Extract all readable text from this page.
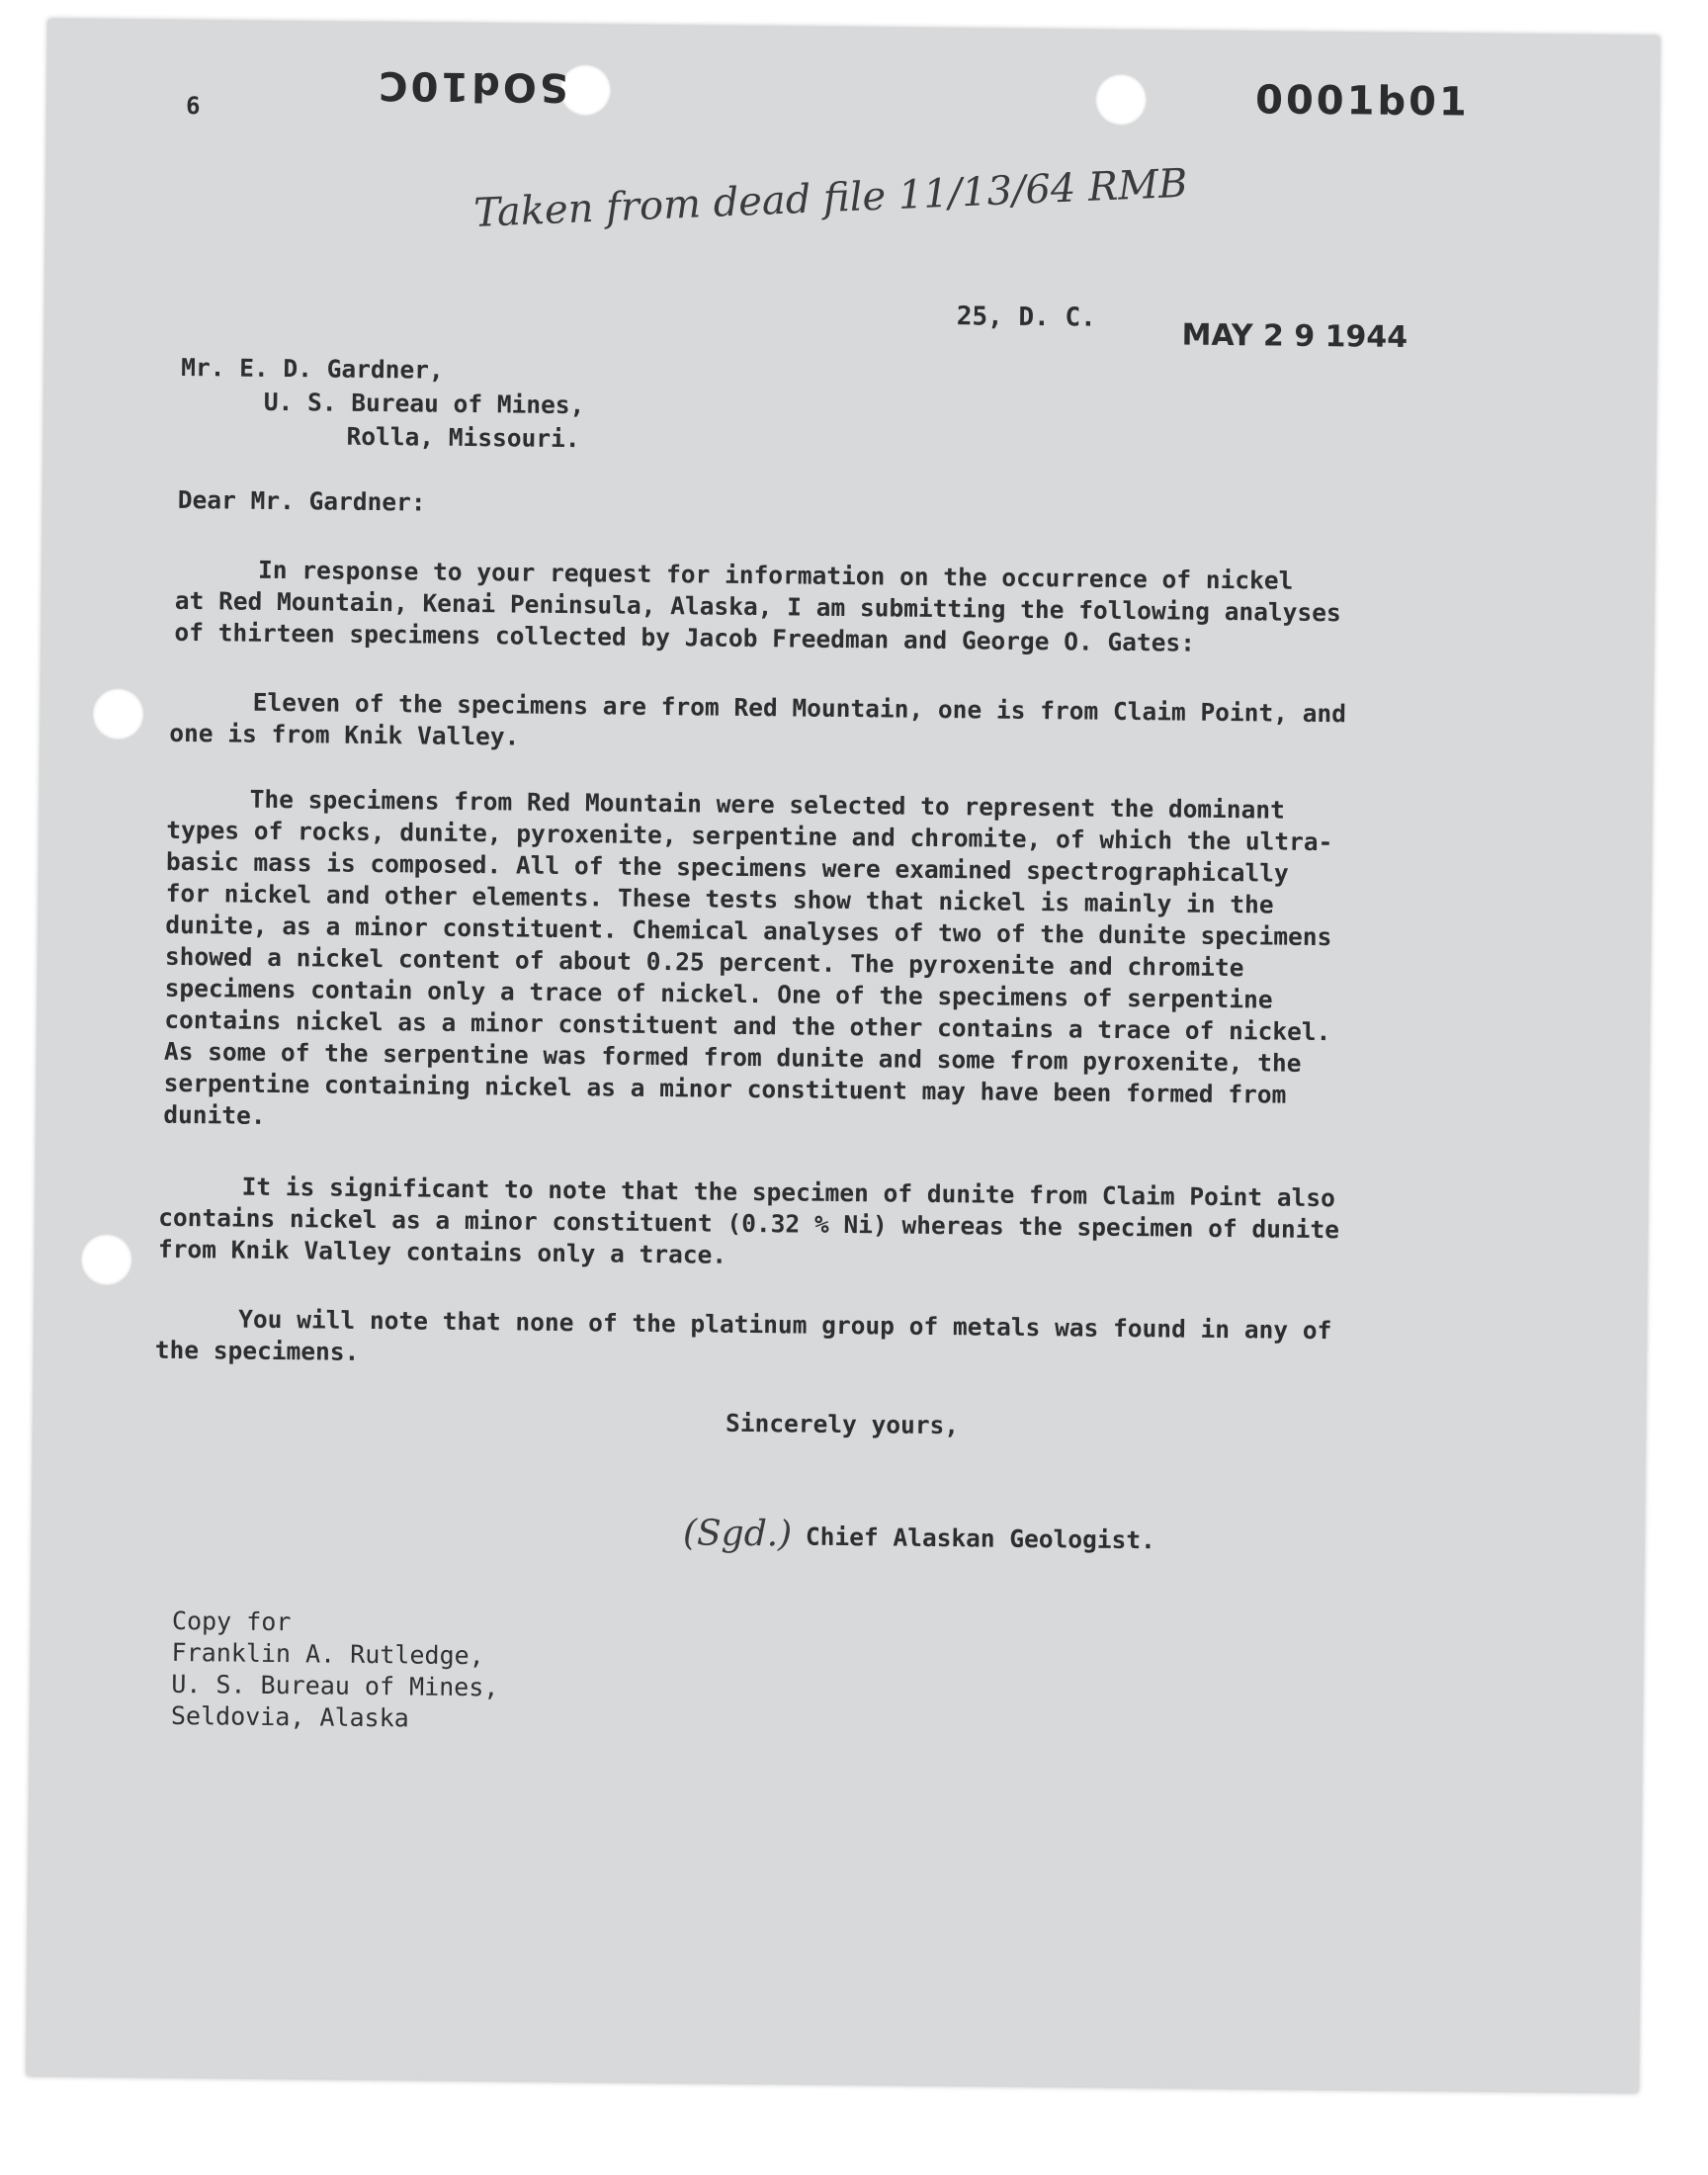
6	SOd10C	0001b01
Taken from dead file 11/13/64 RMB
25, D. C.
MAY 2 9 1944
Mr. E. D. Gardner,
U. S. Bureau of Mines,
Rolla, Missouri.
Dear Mr. Gardner:
In response to your request for information on the occurrence of nickel
at Red Mountain, Kenai Peninsula, Alaska, I am submitting the following analyses
of thirteen specimens collected by Jacob Freedman and George O. Gates:
Eleven of the specimens are from Red Mountain, one is from Claim Point, and
one is from Knik Valley.
The specimens from Red Mountain were selected to represent the dominant
types of rocks, dunite, pyroxenite, serpentine and chromite, of which the ultra-
basic mass is composed. All of the specimens were examined spectrographically
for nickel and other elements. These tests show that nickel is mainly in the
dunite, as a minor constituent. Chemical analyses of two of the dunite specimens
showed a nickel content of about 0.25 percent. The pyroxenite and chromite
specimens contain only a trace of nickel. One of the specimens of serpentine
contains nickel as a minor constituent and the other contains a trace of nickel.
As some of the serpentine was formed from dunite and some from pyroxenite, the
serpentine containing nickel as a minor constituent may have been formed from
dunite.
It is significant to note that the specimen of dunite from Claim Point also
contains nickel as a minor constituent (0.32 % Ni) whereas the specimen of dunite
from Knik Valley contains only a trace.
You will note that none of the platinum group of metals was found in any of
the specimens.
Sincerely yours,
(Sgd.) Chief Alaskan Geologist.
Copy for
Franklin A. Rutledge,
U. S. Bureau of Mines,
Seldovia, Alaska
